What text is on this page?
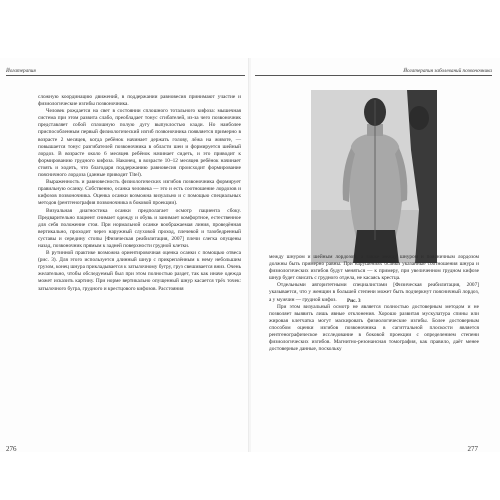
Йогатерапия

сложную координацию движений, в поддержании равновесия принимают участие и физиологические изгибы позвоночника.

Человек рождается на свет в состоянии сплошного тотального кифоза: мышечная система при этом развита слабо, преобладает тонус сгибателей, из-за чего позвоночник представляет собой сплошную полую дугу выпуклостью кзади. Но наиболее приспособленным первый физиологический изгиб позвоночника появляется примерно в возрасте 2 месяцев, когда ребёнок начинает держать голову, лёжа на животе, — повышается тонус разгибателей позвоночника в области шеи и формируется шейный лордоз. В возрасте около 6 месяцев ребёнок начинает сидеть, и это приводит к формированию грудного кифоза. Наконец, в возрасте 10–12 месяцев ребёнок начинает стоять и ходить, что благодаря поддержанию равновесия происходит формирование поясничного лордоза (данные приводит Titel).

Выраженность и равновесность физиологических изгибов позвоночника формирует правильную осанку. Собственно, осанка человека — это и есть соотношение лордозов и кифозов позвоночника. Оценка осанки возможна визуально и с помощью специальных методов (рентгенография позвоночника в боковой проекции).

Визуальная диагностика осанки предполагает осмотр пациента сбоку. Предварительно пациент снимает одежду и обувь и занимает комфортное, естественное для себя положение стоя. При нормальной осанке воображаемая линия, проведённая вертикально, проходит через наружный слуховой проход, плечевой и тазобедренный суставы и середину стопы [Физическая реабилитация, 2007] плечи слегка опущены назад, позвоночник прямым к задней поверхности грудной клетки.

В рутинной практике возможна ориентировочная оценка осанки с помощью отвеса (рис. 3). Для этого используется длинный шнур с прикреплённым к нему небольшим грузом, конец шнура прикладывается к затылочному бугру, груз свешивается вниз. Очень желательно, чтобы обследуемый был при этом полностью раздет, так как иначе одежда может исказить картину. При норме вертикально опущенный шнур касается трёх точек: затылочного бугра, грудного и крестцового кифозов. Расстояния

276
Йогатерапия заболеваний позвоночника
Рис. 3

между шнуром и шейным лордозом, а также между шнуром и поясничным лордозом должны быть примерно равны. При нарушениях осанки указанные соотношения шнура и физиологических изгибов будут меняться — к примеру, при увеличенном грудном кифозе шнур будет свисать с грудного отдела, не касаясь крестца.

Отдельными авторитетными специалистами [Физическая реабилитация, 2007] указывается, что у женщин в большей степени может быть подчеркнут поясничный лордоз, а у мужчин — грудной кифоз.

При этом визуальный осмотр не является полностью достоверным методом и не позволяет выявить лишь явные отклонения. Хорошо развитая мускулатура спины или жировая клетчатка могут маскировать физиологические изгибы. Более достоверным способом оценки изгибов позвоночника в сагиттальной плоскости является рентгенографическое исследование в боковой проекции с определением степени физиологических изгибов. Магнитно-резонансная томография, как правило, даёт менее достоверные данные, поскольку

277
